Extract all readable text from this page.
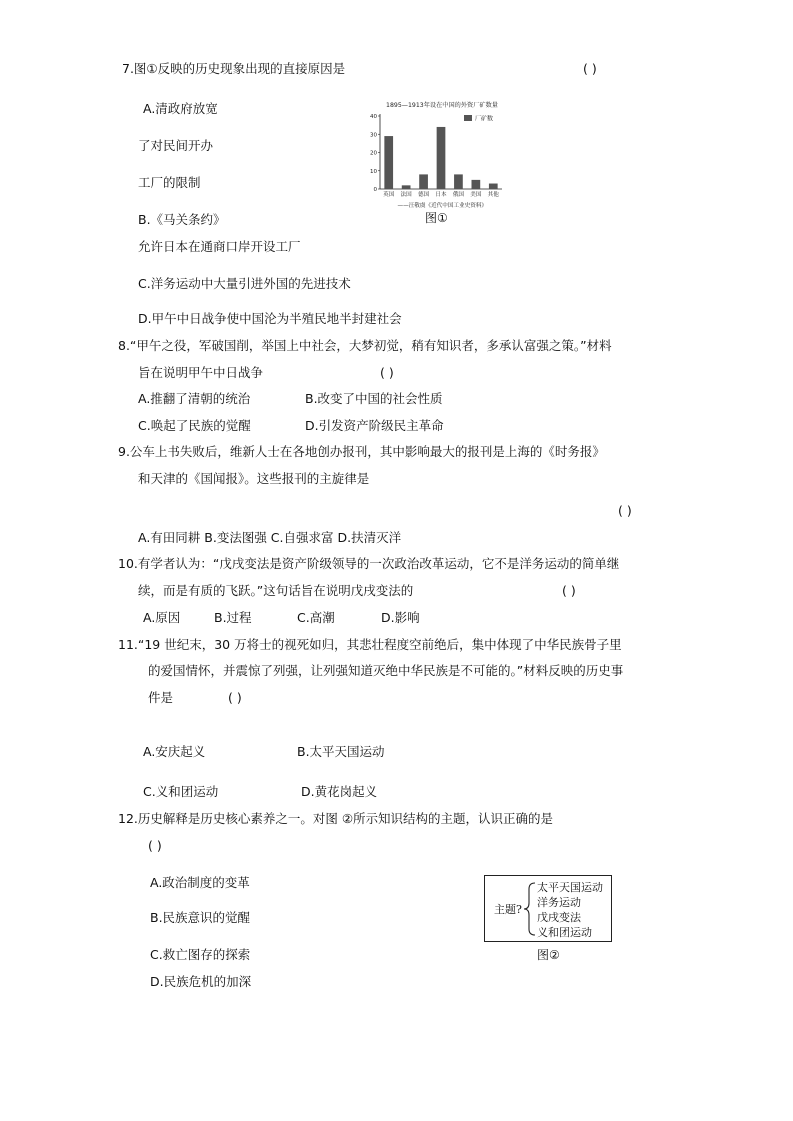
7.图①反映的历史现象出现的直接原因是	( )
A.清政府放宽
了对民间开办
工厂的限制
B.《马关条约》
允许日本在通商口岸开设工厂
C.洋务运动中大量引进外国的先进技术
D.甲午中日战争使中国沦为半殖民地半封建社会
1895—1913年设在中国的外资厂矿数量
厂矿数
——汪敬虞《近代中国工业史资料》
0
10
20
30
40
英国 法国 德国 日本 俄国 美国 其他
图①
8.“甲午之役，军破国削，举国上中社会，大梦初觉，稍有知识者，多承认富强之策。”材料
旨在说明甲午中日战争	( )
A.推翻了清朝的统治	B.改变了中国的社会性质
C.唤起了民族的觉醒	D.引发资产阶级民主革命
9.公车上书失败后，维新人士在各地创办报刊，其中影响最大的报刊是上海的《时务报》
和天津的《国闻报》。这些报刊的主旋律是
( )
A.有田同耕 B.变法图强 C.自强求富 D.扶清灭洋
10.有学者认为：“戊戌变法是资产阶级领导的一次政治改革运动，它不是洋务运动的简单继
续，而是有质的飞跃。”这句话旨在说明戊戌变法的	( )
A.原因	B.过程	C.高潮	D.影响
11.“19 世纪末，30 万将士的视死如归，其悲壮程度空前绝后，集中体现了中华民族骨子里
的爱国情怀，并震惊了列强，让列强知道灭绝中华民族是不可能的。”材料反映的历史事
件是	( )
A.安庆起义	B.太平天国运动
C.义和团运动	D.黄花岗起义
12.历史解释是历史核心素养之一。对图 ②所示知识结构的主题，认识正确的是
( )
A.政治制度的变革
B.民族意识的觉醒
C.救亡图存的探索
D.民族危机的加深
主题?
太平天国运动
洋务运动
戊戌变法
义和团运动
图②
